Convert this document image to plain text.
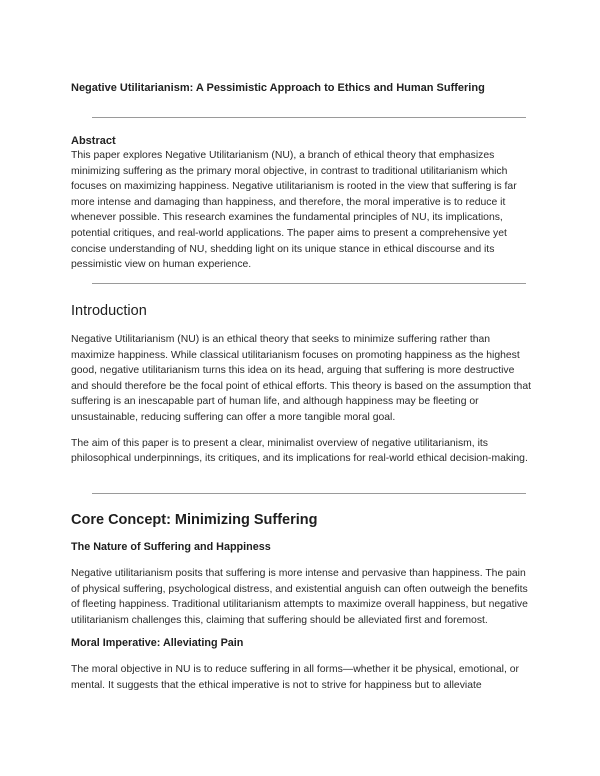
Negative Utilitarianism: A Pessimistic Approach to Ethics and Human Suffering
Abstract

This paper explores Negative Utilitarianism (NU), a branch of ethical theory that emphasizes minimizing suffering as the primary moral objective, in contrast to traditional utilitarianism which focuses on maximizing happiness. Negative utilitarianism is rooted in the view that suffering is far more intense and damaging than happiness, and therefore, the moral imperative is to reduce it whenever possible. This research examines the fundamental principles of NU, its implications, potential critiques, and real-world applications. The paper aims to present a comprehensive yet concise understanding of NU, shedding light on its unique stance in ethical discourse and its pessimistic view on human experience.

Introduction

Negative Utilitarianism (NU) is an ethical theory that seeks to minimize suffering rather than maximize happiness. While classical utilitarianism focuses on promoting happiness as the highest good, negative utilitarianism turns this idea on its head, arguing that suffering is more destructive and should therefore be the focal point of ethical efforts. This theory is based on the assumption that suffering is an inescapable part of human life, and although happiness may be fleeting or unsustainable, reducing suffering can offer a more tangible moral goal.

The aim of this paper is to present a clear, minimalist overview of negative utilitarianism, its philosophical underpinnings, its critiques, and its implications for real-world ethical decision-making.

Core Concept: Minimizing Suffering
The Nature of Suffering and Happiness

Negative utilitarianism posits that suffering is more intense and pervasive than happiness. The pain of physical suffering, psychological distress, and existential anguish can often outweigh the benefits of fleeting happiness. Traditional utilitarianism attempts to maximize overall happiness, but negative utilitarianism challenges this, claiming that suffering should be alleviated first and foremost.

Moral Imperative: Alleviating Pain

The moral objective in NU is to reduce suffering in all forms—whether it be physical, emotional, or mental. It suggests that the ethical imperative is not to strive for happiness but to alleviate
